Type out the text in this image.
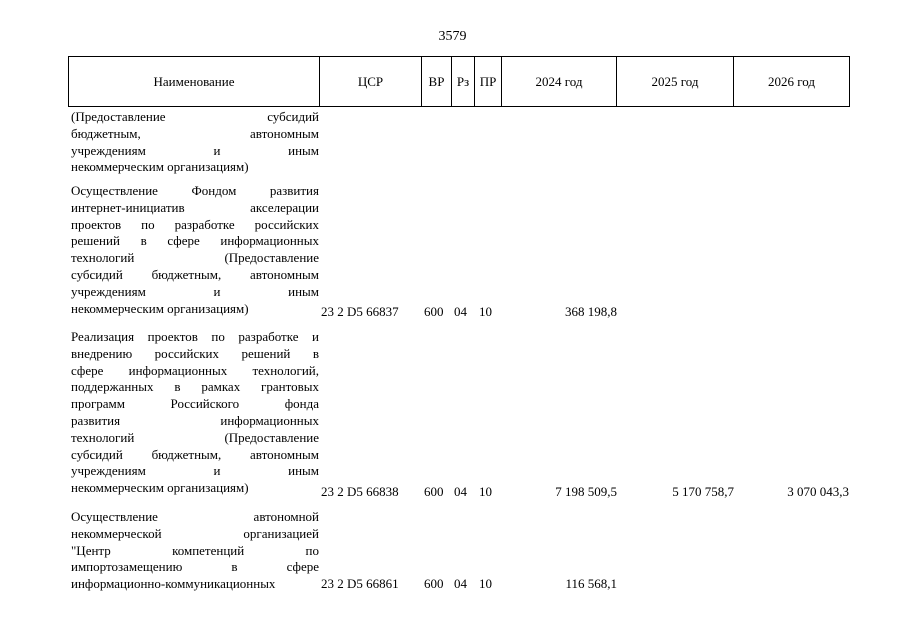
3579
Наименование	ЦСР	ВР Рз ПР	2024 год	2025 год	2026 год
(Предоставление субсидий
бюджетным, автономным
учреждениям и иным
некоммерческим организациям)
Осуществление Фондом развития
интернет-инициатив акселерации
проектов по разработке российских
решений в сфере информационных
технологий (Предоставление
субсидий бюджетным, автономным
учреждениям и иным
некоммерческим организациям)	23 2 D5 66837 600 04 10	368 198,8
Реализация проектов по разработке и
внедрению российских решений в
сфере информационных технологий,
поддержанных в рамках грантовых
программ Российского фонда
развития информационных
технологий (Предоставление
субсидий бюджетным, автономным
учреждениям и иным
некоммерческим организациям)	23 2 D5 66838 600 04 10	7 198 509,5	5 170 758,7	3 070 043,3
Осуществление автономной
некоммерческой организацией
"Центр компетенций по
импортозамещению в сфере
информационно-коммуникационных	23 2 D5 66861 600 04 10	116 568,1
